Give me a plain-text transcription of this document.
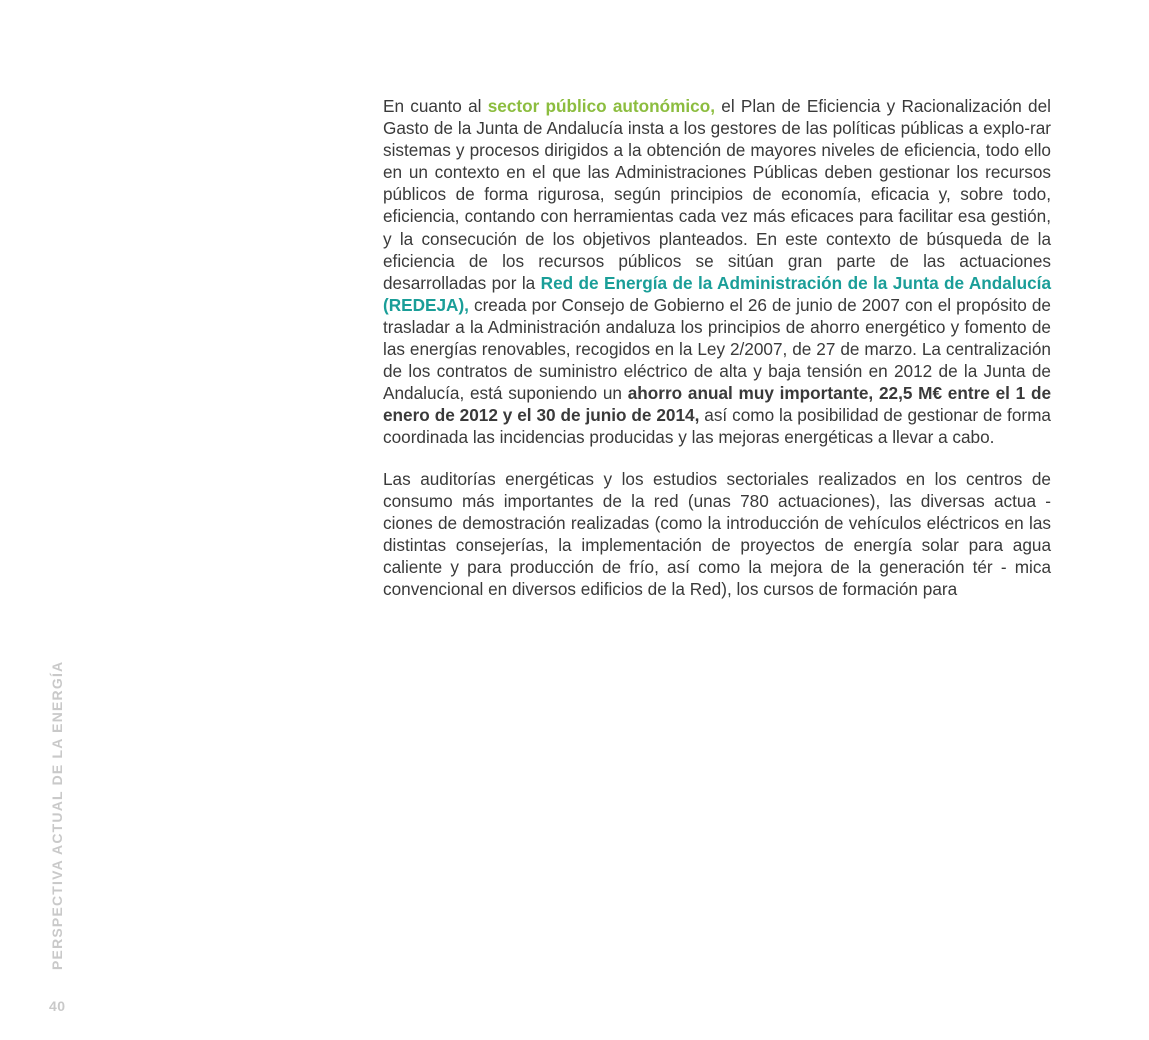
En cuanto al sector público autonómico, el Plan de Eficiencia y Racionalización del Gasto de la Junta de Andalucía insta a los gestores de las políticas públicas a explo-rar sistemas y procesos dirigidos a la obtención de mayores niveles de eficiencia, todo ello en un contexto en el que las Administraciones Públicas deben gestionar los recursos públicos de forma rigurosa, según principios de economía, eficacia y, sobre todo, eficiencia, contando con herramientas cada vez más eficaces para facilitar esa gestión, y la consecución de los objetivos planteados. En este contexto de búsqueda de la eficiencia de los recursos públicos se sitúan gran parte de las actuaciones desarrolladas por la Red de Energía de la Administración de la Junta de Andalucía (REDEJA), creada por Consejo de Gobierno el 26 de junio de 2007 con el propósito de trasladar a la Administración andaluza los principios de ahorro energético y fomento de las energías renovables, recogidos en la Ley 2/2007, de 27 de marzo. La centralización de los contratos de suministro eléctrico de alta y baja tensión en 2012 de la Junta de Andalucía, está suponiendo un ahorro anual muy importante, 22,5 M€ entre el 1 de enero de 2012 y el 30 de junio de 2014, así como la posibilidad de gestionar de forma coordinada las incidencias producidas y las mejoras energéticas a llevar a cabo.

Las auditorías energéticas y los estudios sectoriales realizados en los centros de consumo más importantes de la red (unas 780 actuaciones), las diversas actua - ciones de demostración realizadas (como la introducción de vehículos eléctricos en las distintas consejerías, la implementación de proyectos de energía solar para agua caliente y para producción de frío, así como la mejora de la generación tér - mica convencional en diversos edificios de la Red), los cursos de formación para

PERSPECTIVA ACTUAL DE LA ENERGÍA
40
